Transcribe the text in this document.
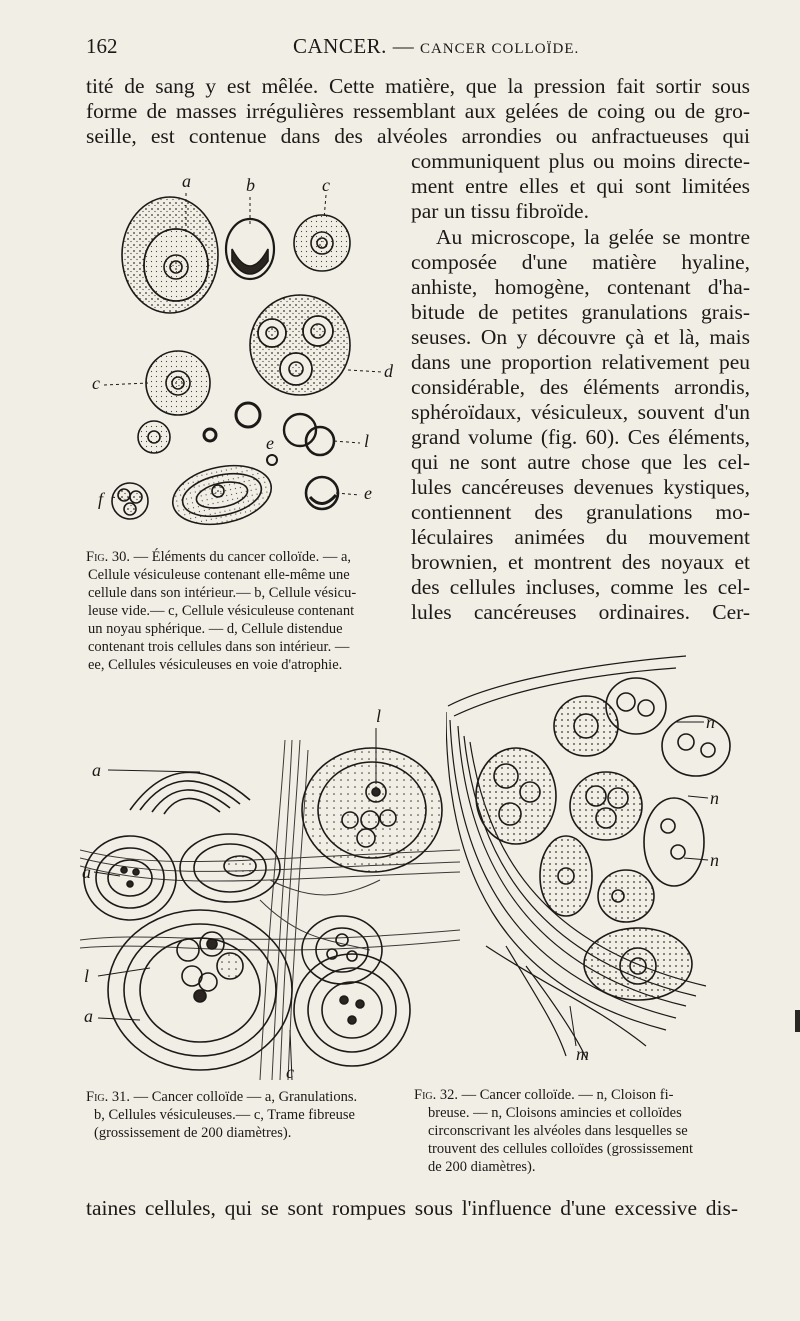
162	CANCER. — CANCER COLLOÏDE.
tité de sang y est mêlée. Cette matière, que la pression fait sortir sous
forme de masses irrégulières ressemblant aux gelées de coing ou de gro-
seille, est contenue dans des alvéoles arrondies ou anfractueuses qui
communiquent plus ou moins directe-
ment entre elles et qui sont limitées
par un tissu fibroïde.
Au microscope, la gelée se montre
composée d'une matière hyaline,
anhiste, homogène, contenant d'ha-
bitude de petites granulations grais-
seuses. On y découvre çà et là, mais
dans une proportion relativement peu
considérable, des éléments arrondis,
sphéroïdaux, vésiculeux, souvent d'un
grand volume (fig. 60). Ces éléments,
qui ne sont autre chose que les cel-
lules cancéreuses devenues kystiques,
contiennent des granulations mo-
léculaires animées du mouvement
brownien, et montrent des noyaux et
des cellules incluses, comme les cel-
lules cancéreuses ordinaires. Cer-
a	b	c
d
c
e	l
e
f
Fig. 30. — Éléments du cancer colloïde. — a,
Cellule vésiculeuse contenant elle-même une
cellule dans son intérieur.— b, Cellule vésicu-
leuse vide.— c, Cellule vésiculeuse contenant
un noyau sphérique. — d, Cellule distendue
contenant trois cellules dans son intérieur. —
ee, Cellules vésiculeuses en voie d'atrophie.
a
l
a
l
a
c
n
n
n
m
Fig. 31. — Cancer colloïde — a, Granulations.
b, Cellules vésiculeuses.— c, Trame fibreuse
(grossissement de 200 diamètres).
Fig. 32. — Cancer colloïde. — n, Cloison fi-
breuse. — n, Cloisons amincies et colloïdes
circonscrivant les alvéoles dans lesquelles se
trouvent des cellules colloïdes (grossissement
de 200 diamètres).
taines cellules, qui se sont rompues sous l'influence d'une excessive dis-
